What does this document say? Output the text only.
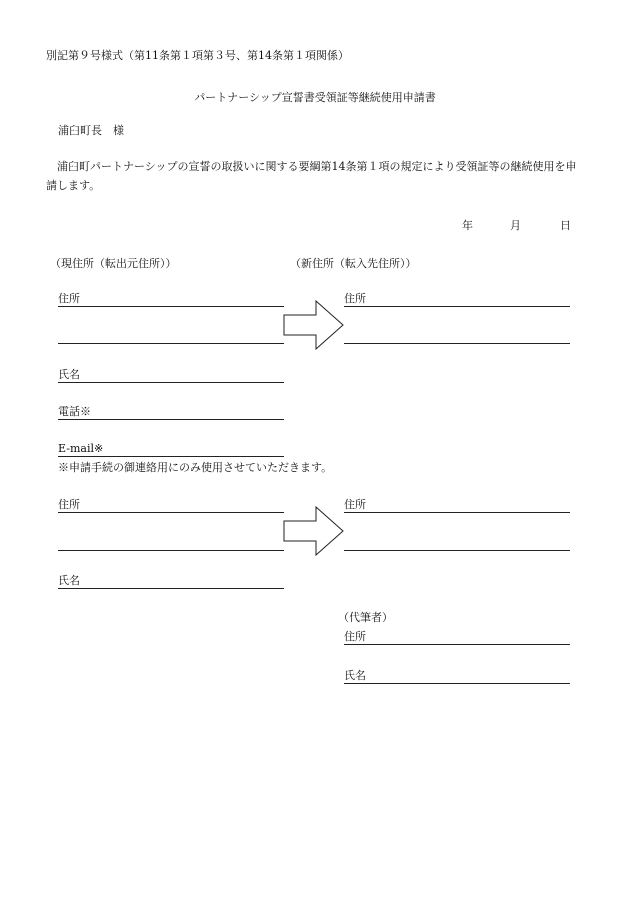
別記第９号様式（第11条第１項第３号、第14条第１項関係）
パートナーシップ宣誓書受領証等継続使用申請書
浦臼町長　様
浦臼町パートナーシップの宣誓の取扱いに関する要綱第14条第１項の規定により受領証等の継続使用を申請します。
年	月	日
（現住所（転出元住所））	（新住所（転入先住所））
住所	住所
氏名
電話※
E-mail※
※申請手続の御連絡用にのみ使用させていただきます。
住所	住所
氏名
（代筆者）
住所
氏名
